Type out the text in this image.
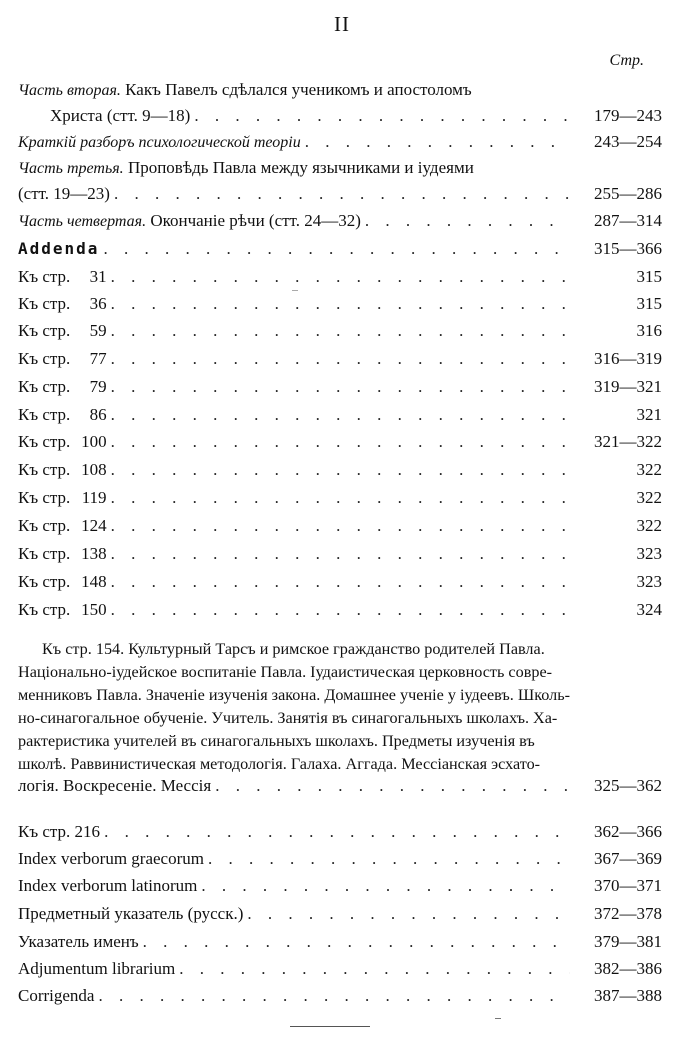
II
Стр.
Часть вторая. Какъ Павелъ сдѣлался ученикомъ и апостоломъ
Христа (стт. 9—18) . . .	179—243
Краткій разборъ психологической теоріи . . .	243—254
Часть третья. Проповѣдь Павла между язычниками и іудеями
(стт. 19—23) . . .	255—286
Часть четвертая. Окончаніе рѣчи (стт. 24—32) . . .	287—314
Addenda . . .	315—366
Къ стр. 31 . . .	315
Къ стр. 36 . . .	315
Къ стр. 59 . . .	316
Къ стр. 77 . . .	316—319
Къ стр. 79 . . .	319—321
Къ стр. 86 . . .	321
Къ стр. 100 . . .	321—322
Къ стр. 108 . . .	322
Къ стр. 119 . . .	322
Къ стр. 124 . . .	322
Къ стр. 138 . . .	323
Къ стр. 148 . . .	323
Къ стр. 150 . . .	324
Къ стр. 154. Культурный Тарсъ и римское гражданство родителей Павла.
Національно-іудейское воспитаніе Павла. Іудаистическая церковность совре-
менниковъ Павла. Значеніе изученія закона. Домашнее ученіе у іудеевъ. Школь-
но-синагогальное обученіе. Учитель. Занятія въ синагогальныхъ школахъ. Ха-
рактеристика учителей въ синагогальныхъ школахъ. Предметы изученія въ
школѣ. Раввинистическая методологія. Галаха. Аггада. Мессіанская эсхато-
логія. Воскресеніе. Мессія . . .	325—362
Къ стр. 216 . . .	362—366
Index verborum graecorum . . .	367—369
Index verborum latinorum . . .	370—371
Предметный указатель (русск.) . . .	372—378
Указатель именъ . . .	379—381
Adjumentum librarium . . .	382—386
Corrigenda . . .	387—388
